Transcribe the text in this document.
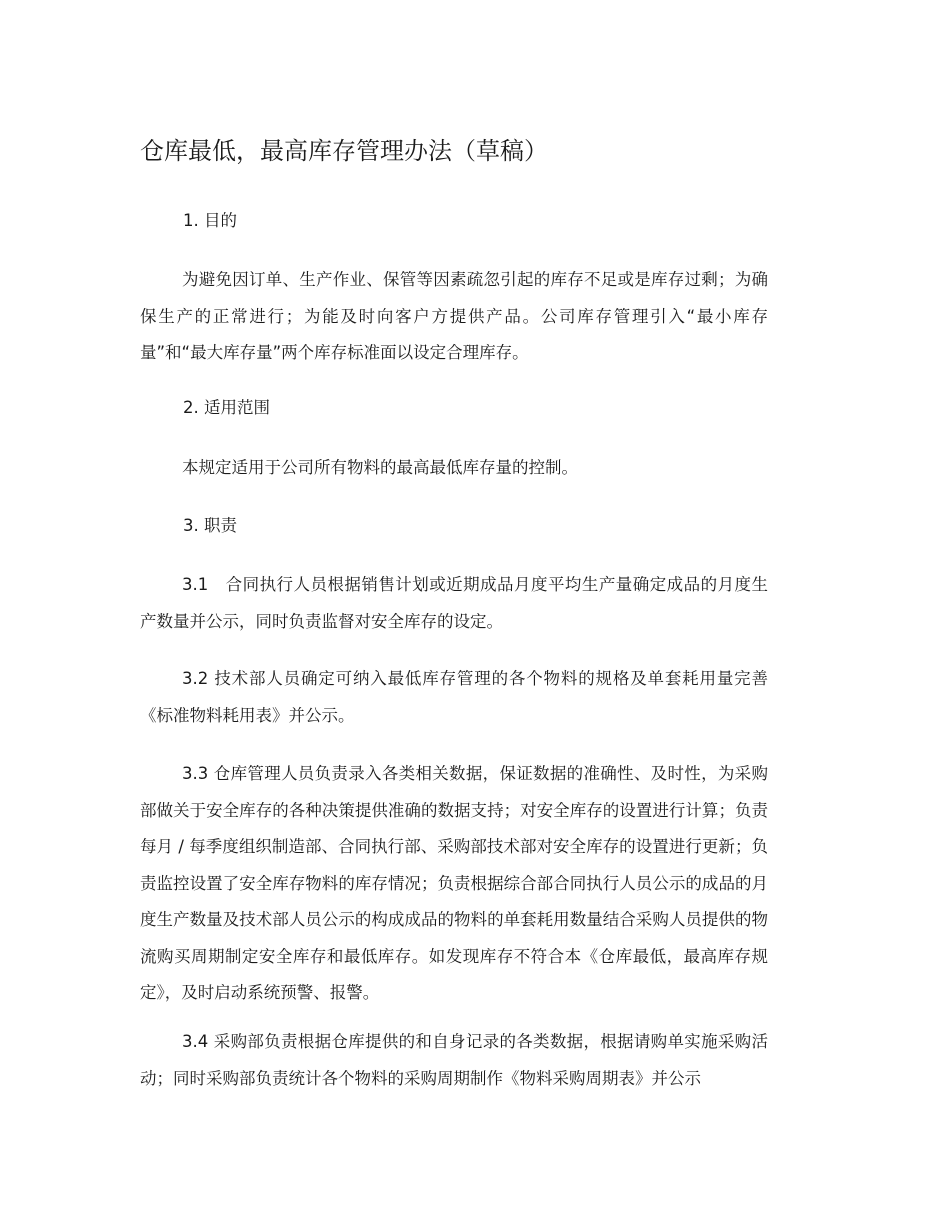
仓库最低，最高库存管理办法（草稿）
1. 目的

为避免因订单、生产作业、保管等因素疏忽引起的库存不足或是库存过剩；为确保生产的正常进行；为能及时向客户方提供产品。公司库存管理引入“最小库存量”和“最大库存量”两个库存标准面以设定合理库存。

2. 适用范围

本规定适用于公司所有物料的最高最低库存量的控制。

3. 职责

3.1　合同执行人员根据销售计划或近期成品月度平均生产量确定成品的月度生产数量并公示，同时负责监督对安全库存的设定。

3.2 技术部人员确定可纳入最低库存管理的各个物料的规格及单套耗用量完善《标准物料耗用表》并公示。

3.3 仓库管理人员负责录入各类相关数据，保证数据的准确性、及时性，为采购部做关于安全库存的各种决策提供准确的数据支持；对安全库存的设置进行计算；负责每月 / 每季度组织制造部、合同执行部、采购部技术部对安全库存的设置进行更新；负责监控设置了安全库存物料的库存情况；负责根据综合部合同执行人员公示的成品的月度生产数量及技术部人员公示的构成成品的物料的单套耗用数量结合采购人员提供的物流购买周期制定安全库存和最低库存。如发现库存不符合本《仓库最低，最高库存规定》，及时启动系统预警、报警。

3.4 采购部负责根据仓库提供的和自身记录的各类数据，根据请购单实施采购活动；同时采购部负责统计各个物料的采购周期制作《物料采购周期表》并公示
